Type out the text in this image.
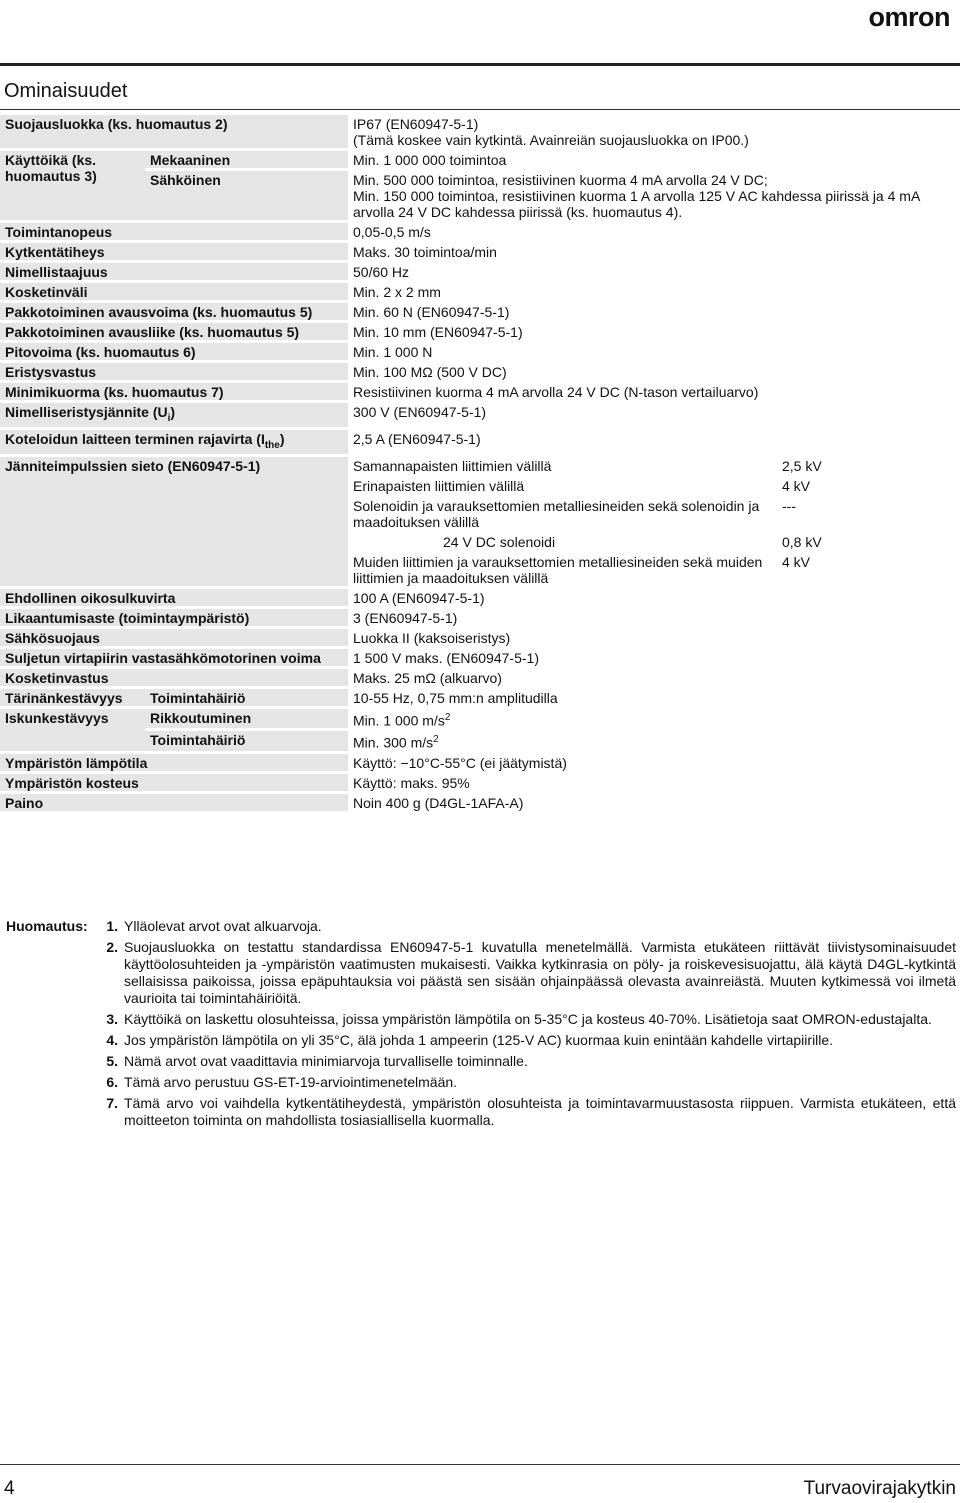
omron
Ominaisuudet
Suojausluokka (ks. huomautus 2)		IP67 (EN60947-5-1)
(Tämä koskee vain kytkintä. Avainreiän suojausluokka on IP00.)	
Käyttöikä (ks. huomautus 3)	Mekaaninen	Min. 1 000 000 toimintoa	
	Sähköinen	Min. 500 000 toimintoa, resistiivinen kuorma 4 mA arvolla 24 V DC;
Min. 150 000 toimintoa, resistiivinen kuorma 1 A arvolla 125 V AC kahdessa piirissä ja 4 mA arvolla 24 V DC kahdessa piirissä (ks. huomautus 4).	
Toimintanopeus		0,05-0,5 m/s	
Kytkentätiheys		Maks. 30 toimintoa/min	
Nimellistaajuus		50/60 Hz	
Kosketinväli		Min. 2 x 2 mm	
Pakkotoiminen avausvoima (ks. huomautus 5)		Min. 60 N (EN60947-5-1)	
Pakkotoiminen avausliike (ks. huomautus 5)		Min. 10 mm (EN60947-5-1)	
Pitovoima (ks. huomautus 6)		Min. 1 000 N	
Eristysvastus		Min. 100 MΩ (500 V DC)	
Minimikuorma (ks. huomautus 7)		Resistiivinen kuorma 4 mA arvolla 24 V DC (N-tason vertailuarvo)	
Nimelliseristysjännite $(U_i)$		300 V (EN60947-5-1)	
Koteloidun laitteen terminen rajavirta $(I_{the})$		2,5 A (EN60947-5-1)	
Jänniteimpulssien sieto (EN60947-5-1)		Samannapaisten liittimien välillä	2,5 kV
		Erinapaisten liittimien välillä	4 kV
		Solenoidin ja varauksettomien metalliesineiden sekä solenoidin ja maadoituksen välillä	---
		24 V DC solenoidi	0,8 kV
		Muiden liittimien ja varauksettomien metalliesineiden sekä muiden liittimien ja maadoituksen välillä	4 kV
Ehdollinen oikosulkuvirta		100 A (EN60947-5-1)	
Likaantumisaste (toimintaympäristö)		3 (EN60947-5-1)	
Sähkösuojaus		Luokka II (kaksoiseristys)	
Suljetun virtapiirin vastasähkömotorinen voima		1 500 V maks. (EN60947-5-1)	
Kosketinvastus		Maks. 25 mΩ (alkuarvo)	
Tärinänkestävyys	Toimintahäiriö	10-55 Hz, 0,75 mm:n amplitudilla	
Iskunkestävyys	Rikkoutuminen	Min. 1 000 $m/s^2$
	Toimintahäiriö	Min. 300 $m/s^2$
Ympäristön lämpötila		Käyttö: −10°C-55°C (ei jäätymistä)	
Ympäristön kosteus		Käyttö: maks. 95%	
Paino		Noin 400 g (D4GL-1AFA-A)	
Huomautus:	1. Ylläolevat arvot ovat alkuarvoja.
2. Suojausluokka on testattu standardissa EN60947-5-1 kuvatulla menetelmällä. Varmista etukäteen riittävät tiivistysominaisuudet käyttöolosuhteiden ja -ympäristön vaatimusten mukaisesti. Vaikka kytkinrasia on pöly- ja roiskevesisuojattu, älä käytä D4GL-kytkintä sellaisissa paikoissa, joissa epäpuhtauksia voi päästä sen sisään ohjainpäässä olevasta avainreiästä. Muuten kytkimessä voi ilmetä vaurioita tai toimintahäiriöitä.
3. Käyttöikä on laskettu olosuhteissa, joissa ympäristön lämpötila on 5-35°C ja kosteus 40-70%. Lisätietoja saat OMRON-edustajalta.
4. Jos ympäristön lämpötila on yli 35°C, älä johda 1 ampeerin (125-V AC) kuormaa kuin enintään kahdelle virtapiirille.
5. Nämä arvot ovat vaadittavia minimiarvoja turvalliselle toiminnalle.
6. Tämä arvo perustuu GS-ET-19-arviointimenetelmään.
7. Tämä arvo voi vaihdella kytkentätiheydestä, ympäristön olosuhteista ja toimintavarmuustasosta riippuen. Varmista etukäteen, että moitteeton toiminta on mahdollista tosiasiallisella kuormalla.
4	Turvaovirajakytkin
